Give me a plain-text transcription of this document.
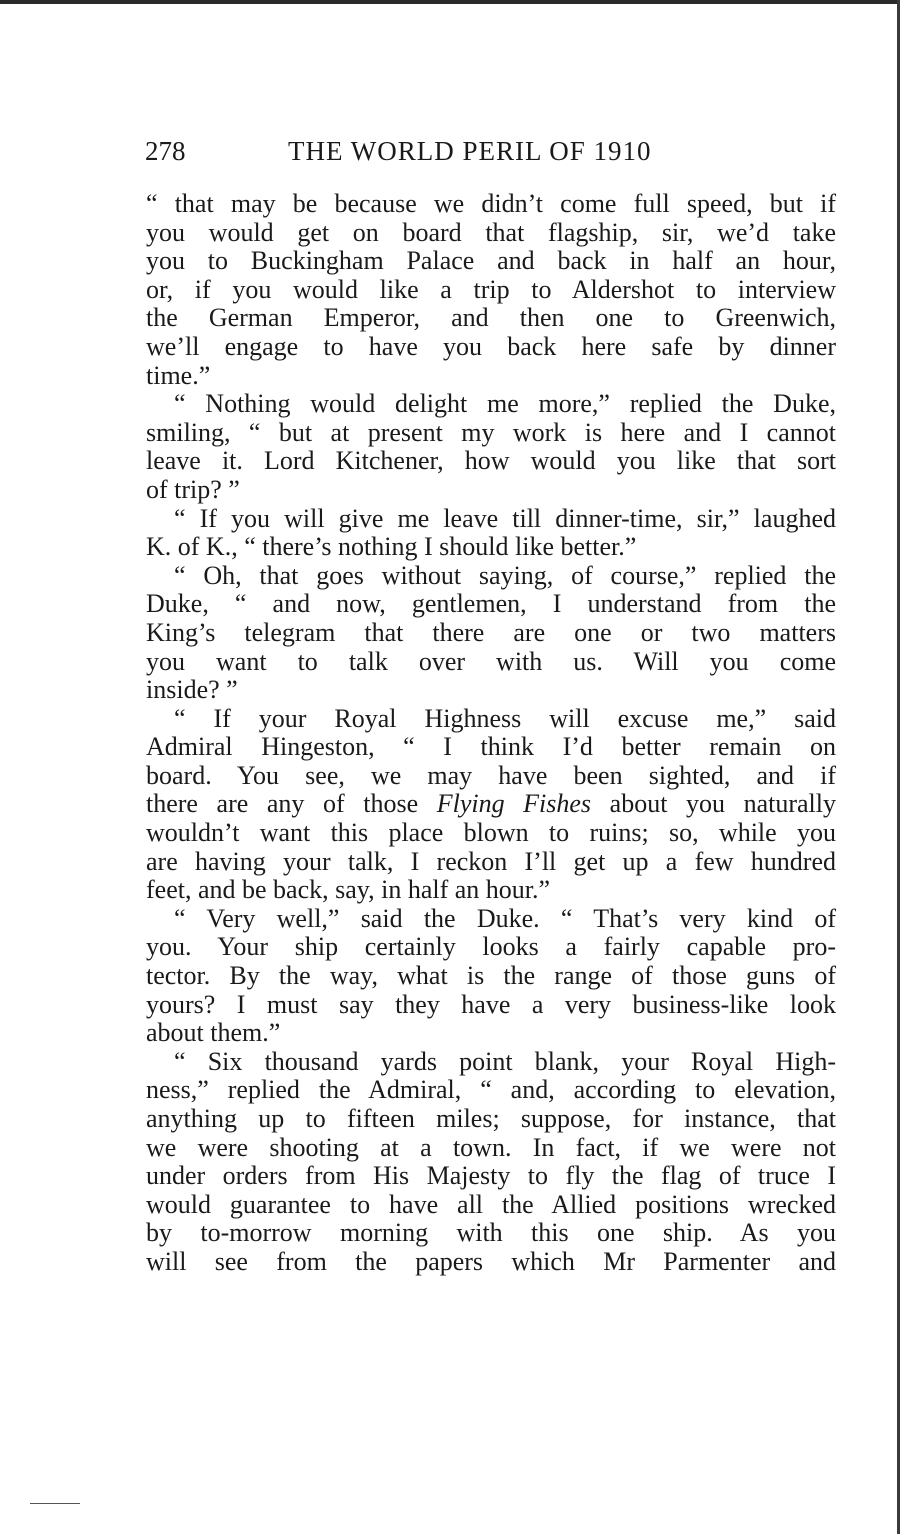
278	THE WORLD PERIL OF 1910
“ that may be because we didn’t come full speed, but if
you would get on board that flagship, sir, we’d take
you to Buckingham Palace and back in half an hour,
or, if you would like a trip to Aldershot to interview
the German Emperor, and then one to Greenwich,
we’ll engage to have you back here safe by dinner
time.”
“ Nothing would delight me more,” replied the Duke,
smiling, “ but at present my work is here and I cannot
leave it. Lord Kitchener, how would you like that sort
of trip? ”
“ If you will give me leave till dinner-time, sir,” laughed
K. of K., “ there’s nothing I should like better.”
“ Oh, that goes without saying, of course,” replied the
Duke, “ and now, gentlemen, I understand from the
King’s telegram that there are one or two matters
you want to talk over with us. Will you come
inside? ”
“ If your Royal Highness will excuse me,” said
Admiral Hingeston, “ I think I’d better remain on
board. You see, we may have been sighted, and if
there are any of those Flying Fishes about you naturally
wouldn’t want this place blown to ruins; so, while you
are having your talk, I reckon I’ll get up a few hundred
feet, and be back, say, in half an hour.”
“ Very well,” said the Duke. “ That’s very kind of
you. Your ship certainly looks a fairly capable pro-
tector. By the way, what is the range of those guns of
yours? I must say they have a very business-like look
about them.”
“ Six thousand yards point blank, your Royal High-
ness,” replied the Admiral, “ and, according to elevation,
anything up to fifteen miles; suppose, for instance, that
we were shooting at a town. In fact, if we were not
under orders from His Majesty to fly the flag of truce I
would guarantee to have all the Allied positions wrecked
by to-morrow morning with this one ship. As you
will see from the papers which Mr Parmenter and
